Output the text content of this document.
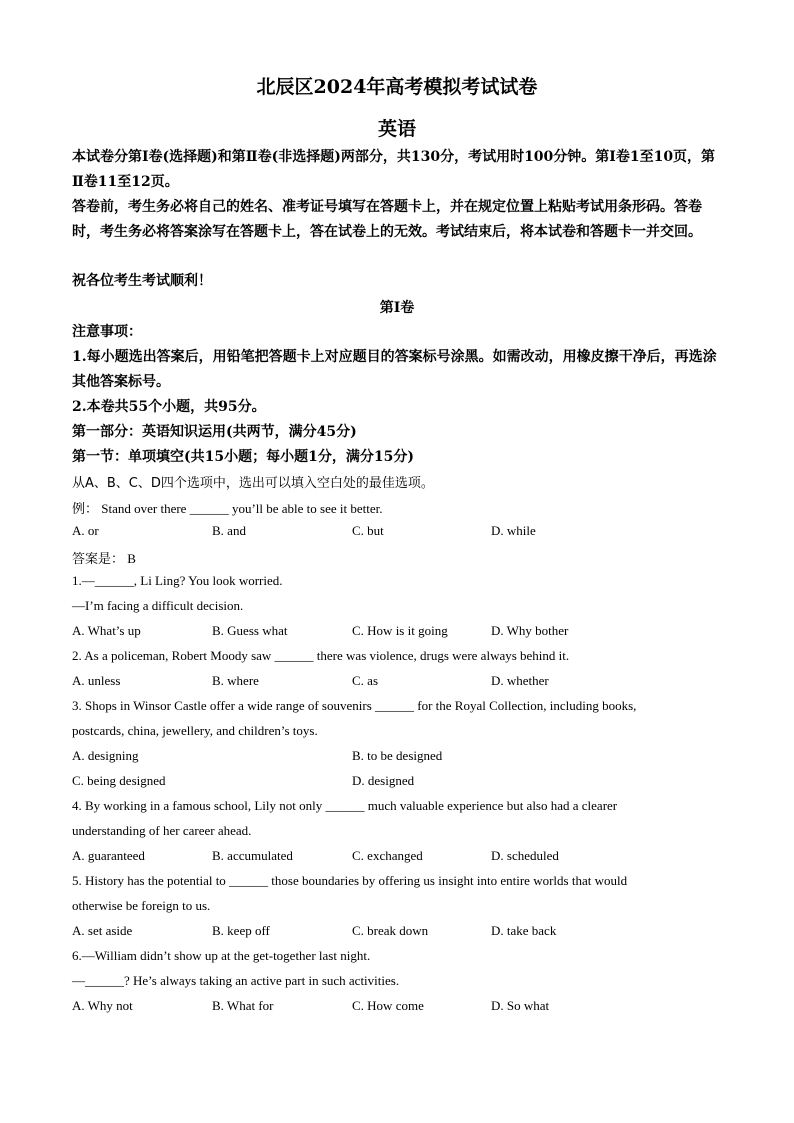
北辰区2024年高考模拟考试试卷
英语
本试卷分第Ⅰ卷(选择题)和第Ⅱ卷(非选择题)两部分，共130分，考试用时100分钟。第Ⅰ卷1至10页，第Ⅱ卷11至12页。
答卷前，考生务必将自己的姓名、准考证号填写在答题卡上，并在规定位置上粘贴考试用条形码。答卷时，考生务必将答案涂写在答题卡上，答在试卷上的无效。考试结束后，将本试卷和答题卡一并交回。
祝各位考生考试顺利！
第Ⅰ卷
注意事项：
1.每小题选出答案后，用铅笔把答题卡上对应题目的答案标号涂黑。如需改动，用橡皮擦干净后，再选涂其他答案标号。
2.本卷共55个小题，共95分。
第一部分：英语知识运用(共两节，满分45分)
第一节：单项填空(共15小题；每小题1分，满分15分)
从A、B、C、D四个选项中，选出可以填入空白处的最佳选项。
例： Stand over there ______ you’ll be able to see it better.
A. or	B. and	C. but	D. while
答案是： B
1.—______, Li Ling? You look worried.
—I’m facing a difficult decision.
A. What’s up	B. Guess what	C. How is it going	D. Why bother
2. As a policeman, Robert Moody saw ______ there was violence, drugs were always behind it.
A. unless	B. where	C. as	D. whether
3. Shops in Winsor Castle offer a wide range of souvenirs ______ for the Royal Collection, including books,
postcards, china, jewellery, and children’s toys.
A. designing	B. to be designed
C. being designed	D. designed
4. By working in a famous school, Lily not only ______ much valuable experience but also had a clearer
understanding of her career ahead.
A. guaranteed	B. accumulated	C. exchanged	D. scheduled
5. History has the potential to ______ those boundaries by offering us insight into entire worlds that would
otherwise be foreign to us.
A. set aside	B. keep off	C. break down	D. take back
6.—William didn’t show up at the get-together last night.
—______? He’s always taking an active part in such activities.
A. Why not	B. What for	C. How come	D. So what
